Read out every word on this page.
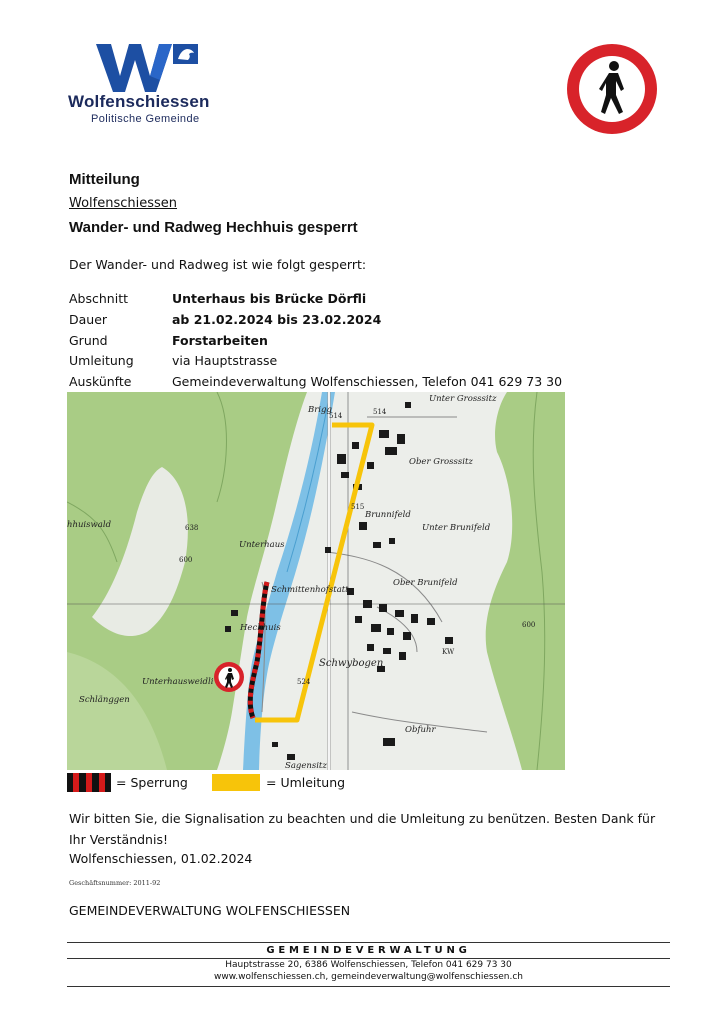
Wolfenschiessen
Politische Gemeinde
Mitteilung
Wolfenschiessen
Wander- und Radweg Hechhuis gesperrt
Der Wander- und Radweg ist wie folgt gesperrt:
Abschnitt	Unterhaus bis Brücke Dörfli
Dauer	ab 21.02.2024 bis 23.02.2024
Grund	Forstarbeiten
Umleitung	via Hauptstrasse
Auskünfte	Gemeindeverwaltung Wolfenschiessen, Telefon 041 629 73 30
Brigg
514	514
Unter Grosssitz
Ober Grosssitz
515
Brunnifeld
Unter Brunifeld
hhuiswald	638
600
Unterhaus
Ober Brunifeld
Schmittenhofstatt
600
Hechhuis
Schwybogen
KW
Unterhausweidli	524
Schlänggen
Obfuhr
Sagensitz
= Sperrung	= Umleitung
Wir bitten Sie, die Signalisation zu beachten und die Umleitung zu benützen. Besten Dank für Ihr Verständnis!
Wolfenschiessen, 01.02.2024
Geschäftsnummer: 2011-92
GEMEINDEVERWALTUNG WOLFENSCHIESSEN
GEMEINDEVERWALTUNG
Hauptstrasse 20, 6386 Wolfenschiessen, Telefon 041 629 73 30
www.wolfenschiessen.ch, gemeindeverwaltung@wolfenschiessen.ch
